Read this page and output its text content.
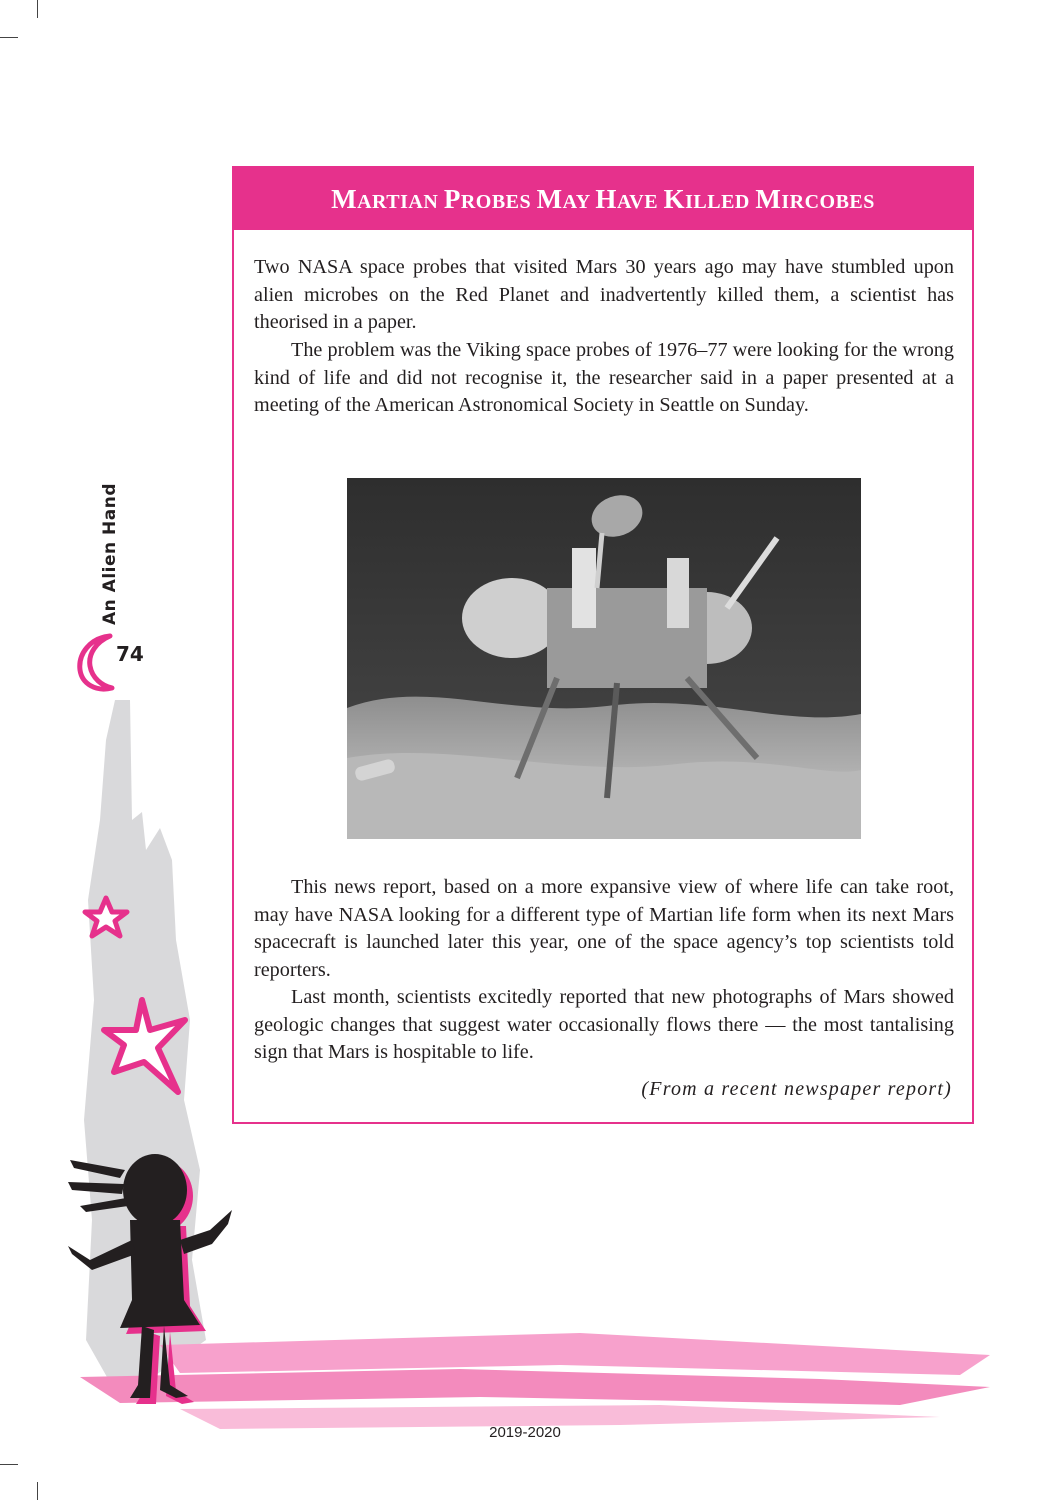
An Alien Hand
74
MARTIAN PROBES MAY HAVE KILLED MIRCOBES

Two NASA space probes that visited Mars 30 years ago may have stumbled upon alien microbes on the Red Planet and inadvertently killed them, a scientist has theorised in a paper.

The problem was the Viking space probes of 1976–77 were looking for the wrong kind of life and did not recognise it, the researcher said in a paper presented at a meeting of the American Astronomical Society in Seattle on Sunday.

This news report, based on a more expansive view of where life can take root, may have NASA looking for a different type of Martian life form when its next Mars spacecraft is launched later this year, one of the space agency’s top scientists told reporters.

Last month, scientists excitedly reported that new photographs of Mars showed geologic changes that suggest water occasionally flows there — the most tantalising sign that Mars is hospitable to life.

(From a recent newspaper report)
2019-2020
